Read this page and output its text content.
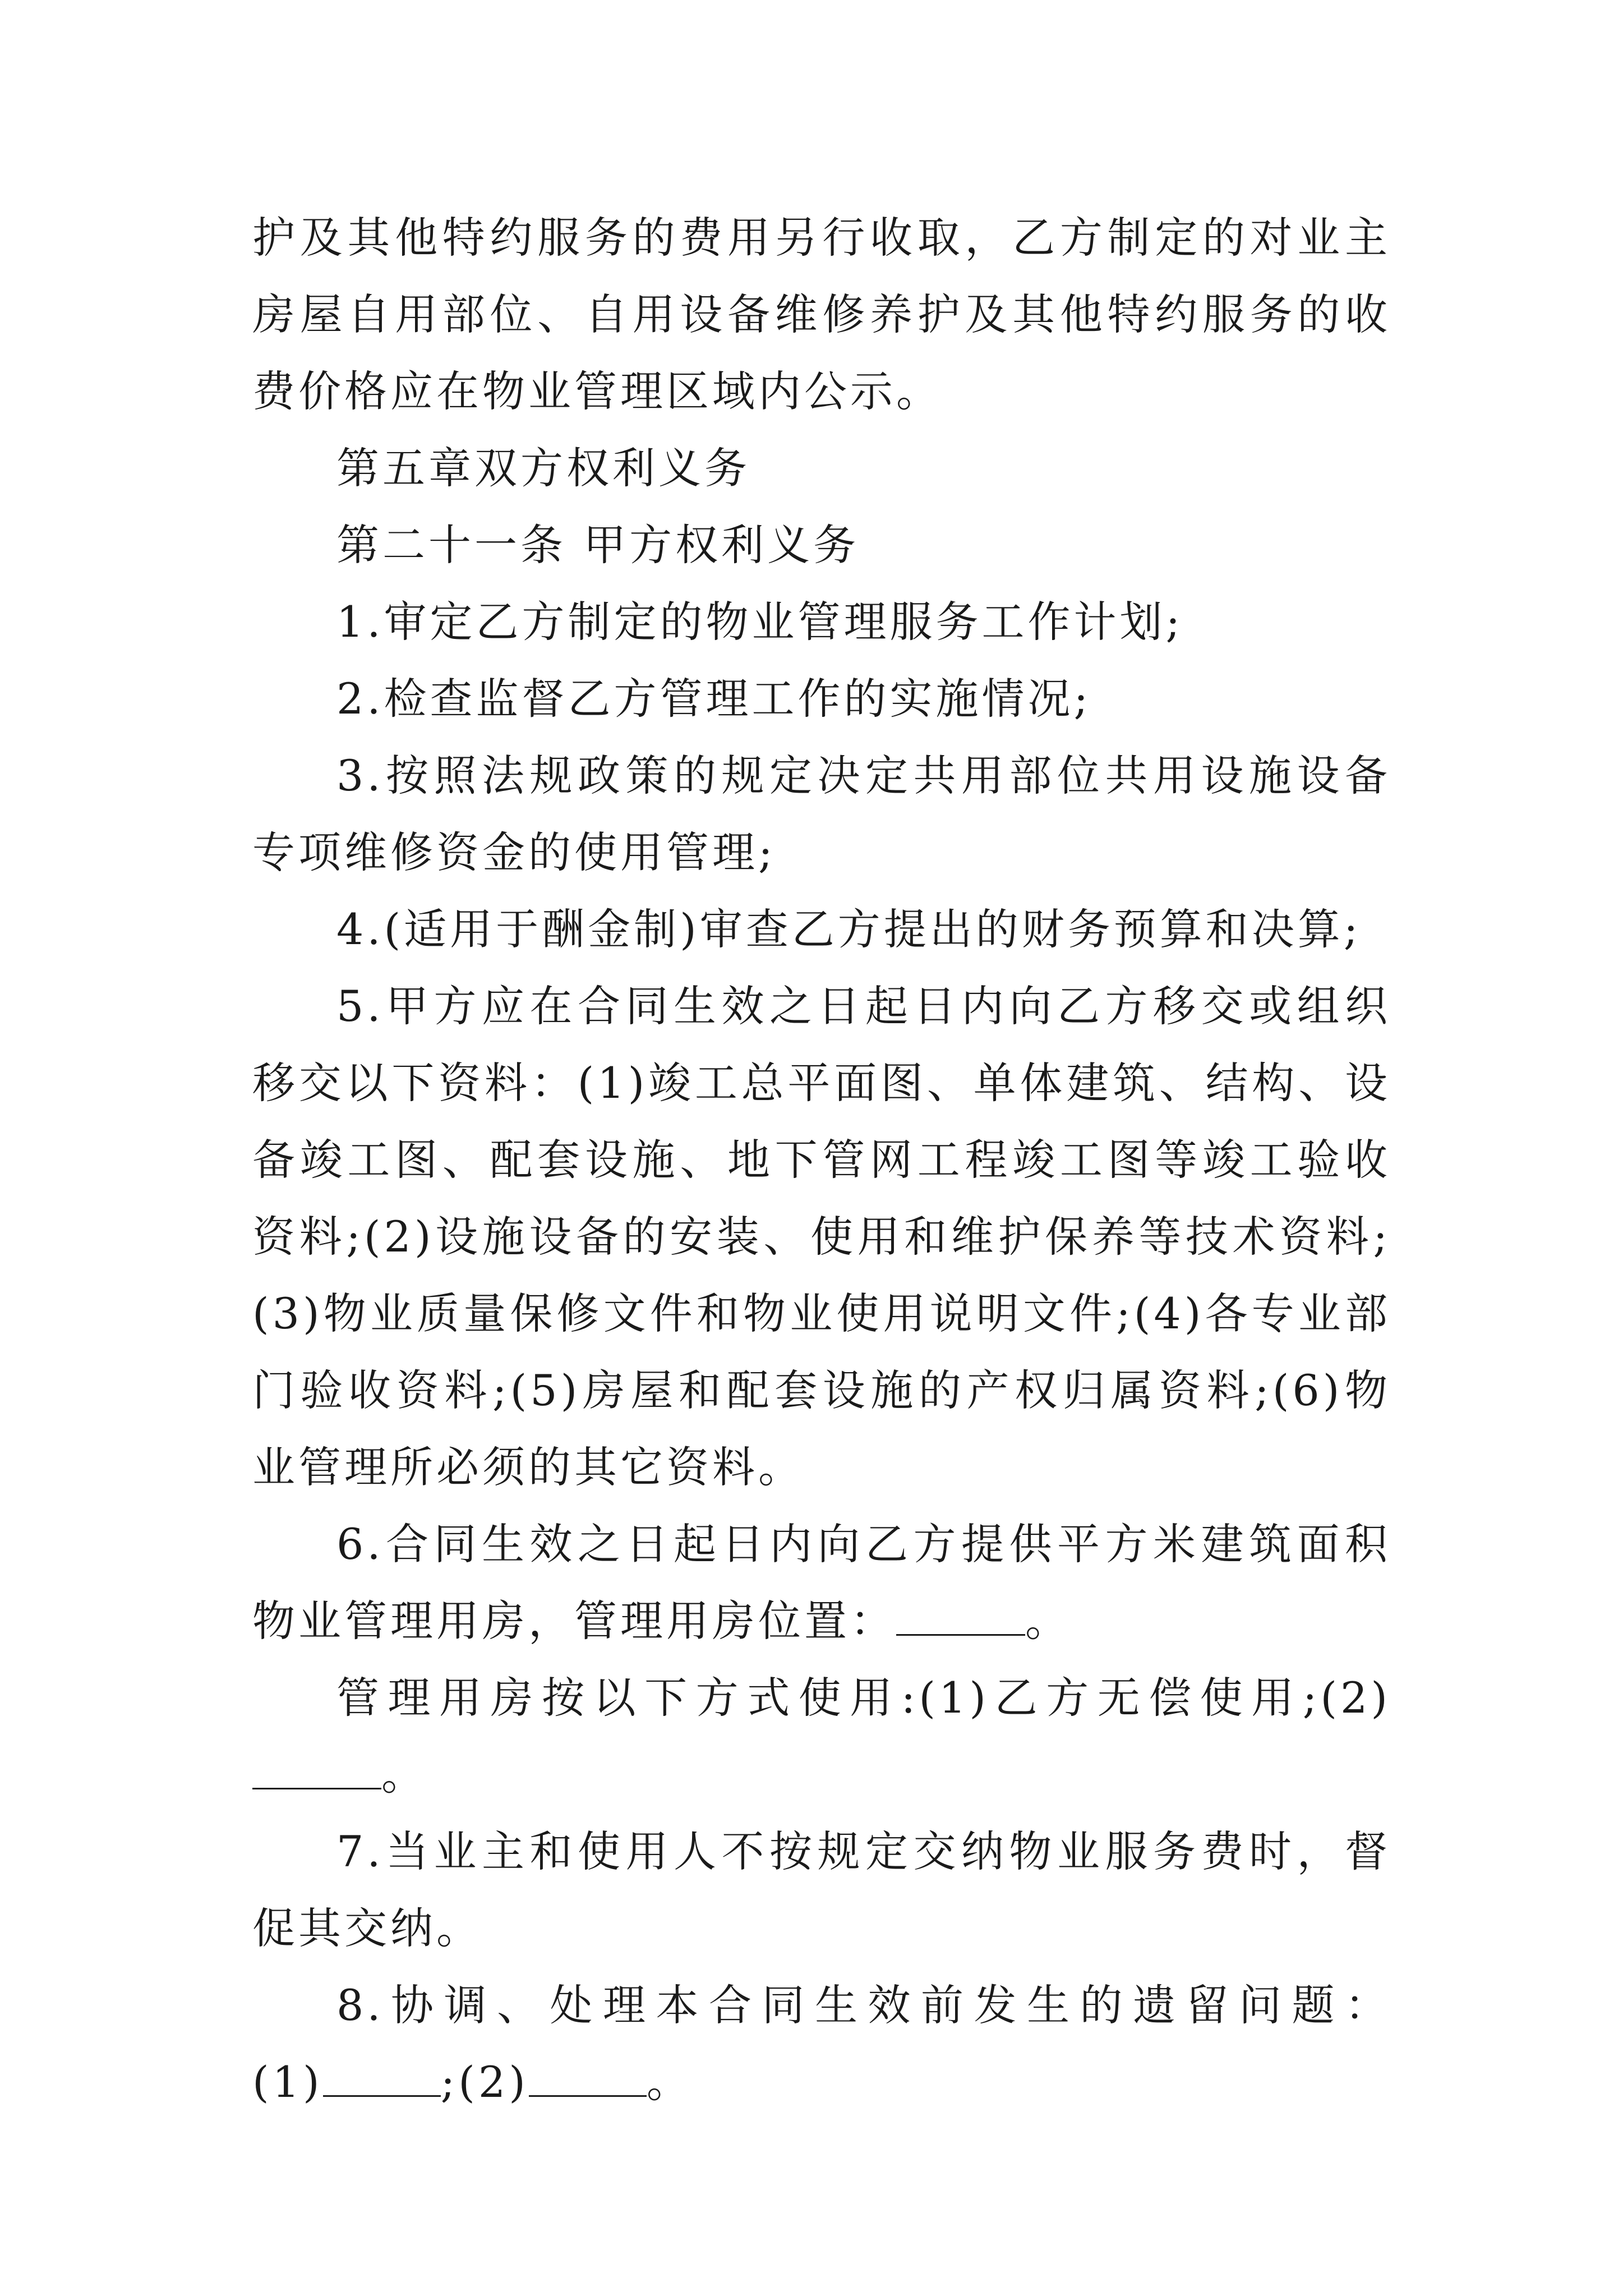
护及其他特约服务的费用另行收取，乙方制定的对业主房屋自用部位、自用设备维修养护及其他特约服务的收费价格应在物业管理区域内公示。

第五章双方权利义务

第二十一条 甲方权利义务

1.审定乙方制定的物业管理服务工作计划;

2.检查监督乙方管理工作的实施情况;

3.按照法规政策的规定决定共用部位共用设施设备专项维修资金的使用管理;

4.(适用于酬金制)审查乙方提出的财务预算和决算;

5.甲方应在合同生效之日起日内向乙方移交或组织移交以下资料：(1)竣工总平面图、单体建筑、结构、设备竣工图、配套设施、地下管网工程竣工图等竣工验收资料;(2)设施设备的安装、使用和维护保养等技术资料;(3)物业质量保修文件和物业使用说明文件;(4)各专业部门验收资料;(5)房屋和配套设施的产权归属资料;(6)物业管理所必须的其它资料。

6.合同生效之日起日内向乙方提供平方米建筑面积物业管理用房，管理用房位置：	。

管理用房按以下方式使用:(1)乙方无偿使用;(2)。

7.当业主和使用人不按规定交纳物业服务费时，督促其交纳。

8.协调、处理本合同生效前发生的遗留问题：

(1)	;(2)	。
